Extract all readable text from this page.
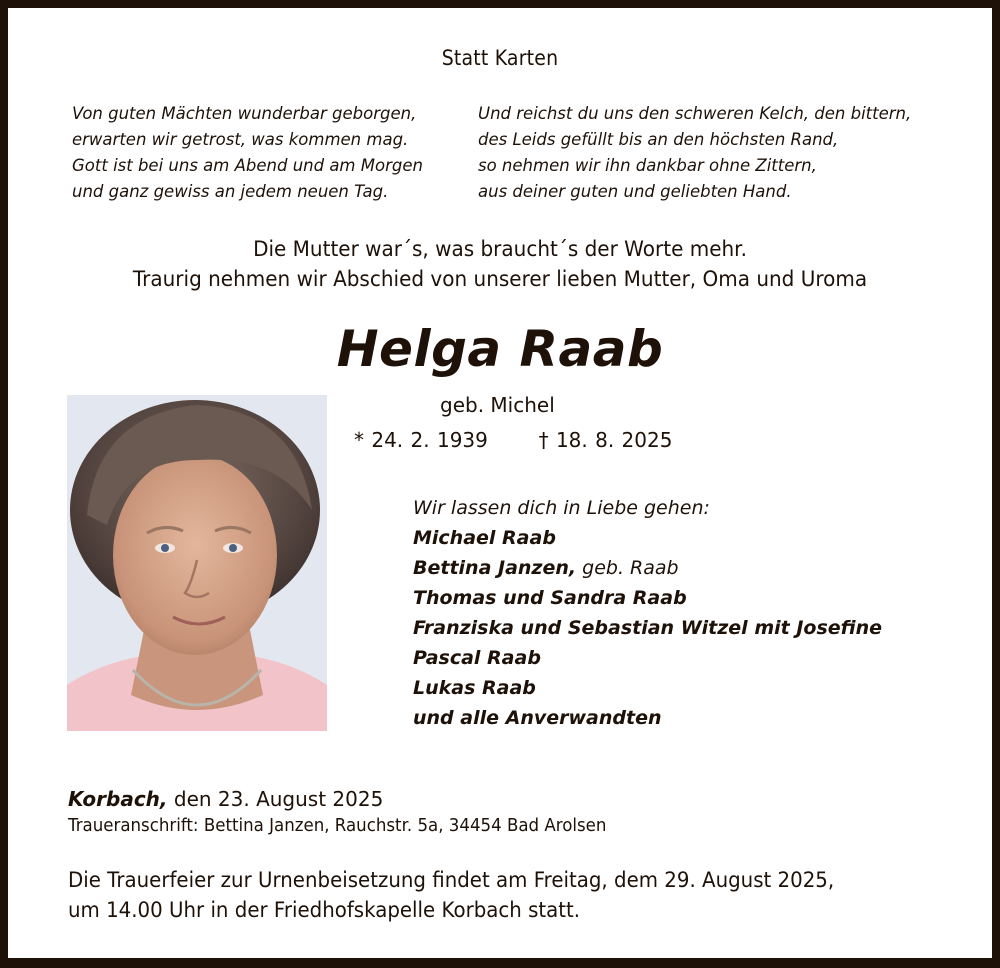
Statt Karten
Von guten Mächten wunderbar geborgen,
erwarten wir getrost, was kommen mag.
Gott ist bei uns am Abend und am Morgen
und ganz gewiss an jedem neuen Tag.
Und reichst du uns den schweren Kelch, den bittern,
des Leids gefüllt bis an den höchsten Rand,
so nehmen wir ihn dankbar ohne Zittern,
aus deiner guten und geliebten Hand.
Die Mutter war´s, was braucht´s der Worte mehr.
Traurig nehmen wir Abschied von unserer lieben Mutter, Oma und Uroma
Helga Raab
geb. Michel
* 24. 2. 1939	† 18. 8. 2025
Wir lassen dich in Liebe gehen:
Michael Raab
Bettina Janzen, geb. Raab
Thomas und Sandra Raab
Franziska und Sebastian Witzel mit Josefine
Pascal Raab
Lukas Raab
und alle Anverwandten
Korbach, den 23. August 2025
Traueranschrift: Bettina Janzen, Rauchstr. 5a, 34454 Bad Arolsen
Die Trauerfeier zur Urnenbeisetzung findet am Freitag, dem 29. August 2025,
um 14.00 Uhr in der Friedhofskapelle Korbach statt.
